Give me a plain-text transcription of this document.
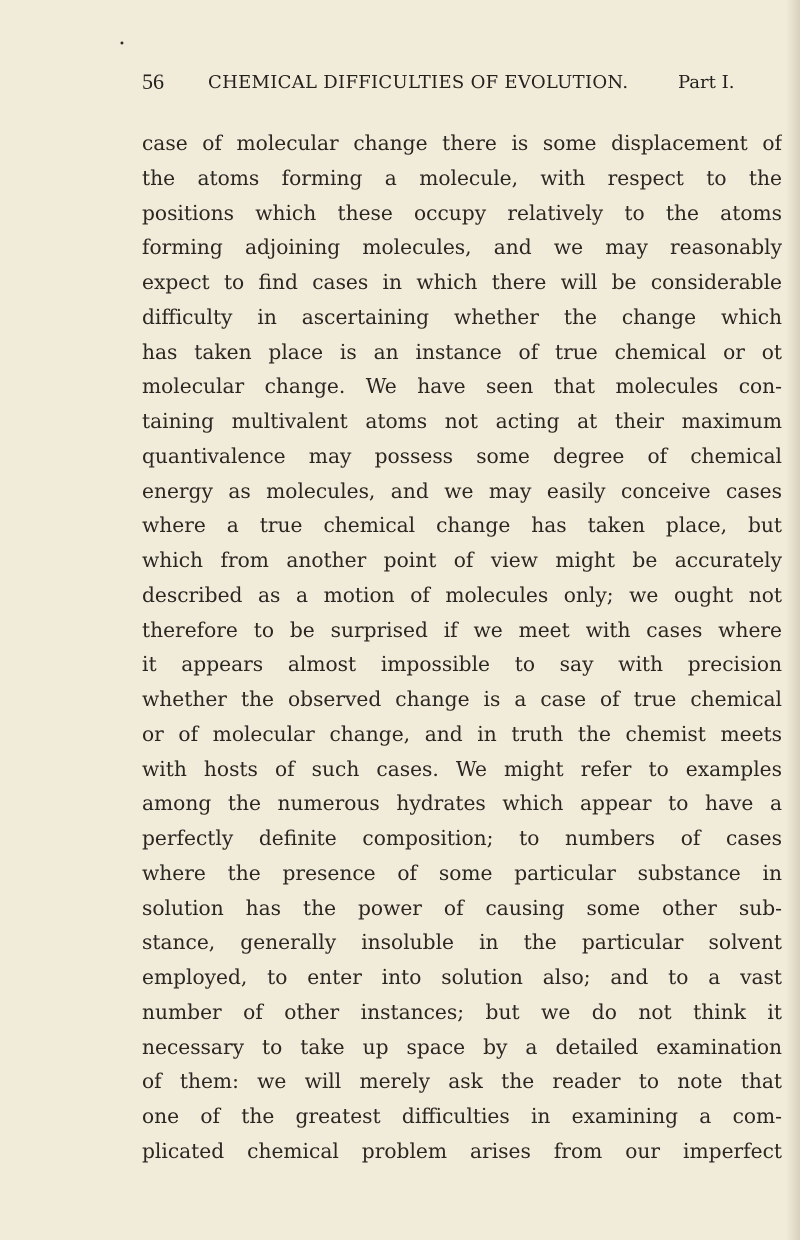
•
56 CHEMICAL DIFFICULTIES OF EVOLUTION.	Part I.
case of molecular change there is some displacement of
the atoms forming a molecule, with respect to the
positions which these occupy relatively to the atoms
forming adjoining molecules, and we may reasonably
expect to find cases in which there will be considerable
difficulty in ascertaining whether the change which
has taken place is an instance of true chemical or ot
molecular change. We have seen that molecules con-
taining multivalent atoms not acting at their maximum
quantivalence may possess some degree of chemical
energy as molecules, and we may easily conceive cases
where a true chemical change has taken place, but
which from another point of view might be accurately
described as a motion of molecules only; we ought not
therefore to be surprised if we meet with cases where
it appears almost impossible to say with precision
whether the observed change is a case of true chemical
or of molecular change, and in truth the chemist meets
with hosts of such cases. We might refer to examples
among the numerous hydrates which appear to have a
perfectly definite composition; to numbers of cases
where the presence of some particular substance in
solution has the power of causing some other sub-
stance, generally insoluble in the particular solvent
employed, to enter into solution also; and to a vast
number of other instances; but we do not think it
necessary to take up space by a detailed examination
of them: we will merely ask the reader to note that
one of the greatest difficulties in examining a com-
plicated chemical problem arises from our imperfect
